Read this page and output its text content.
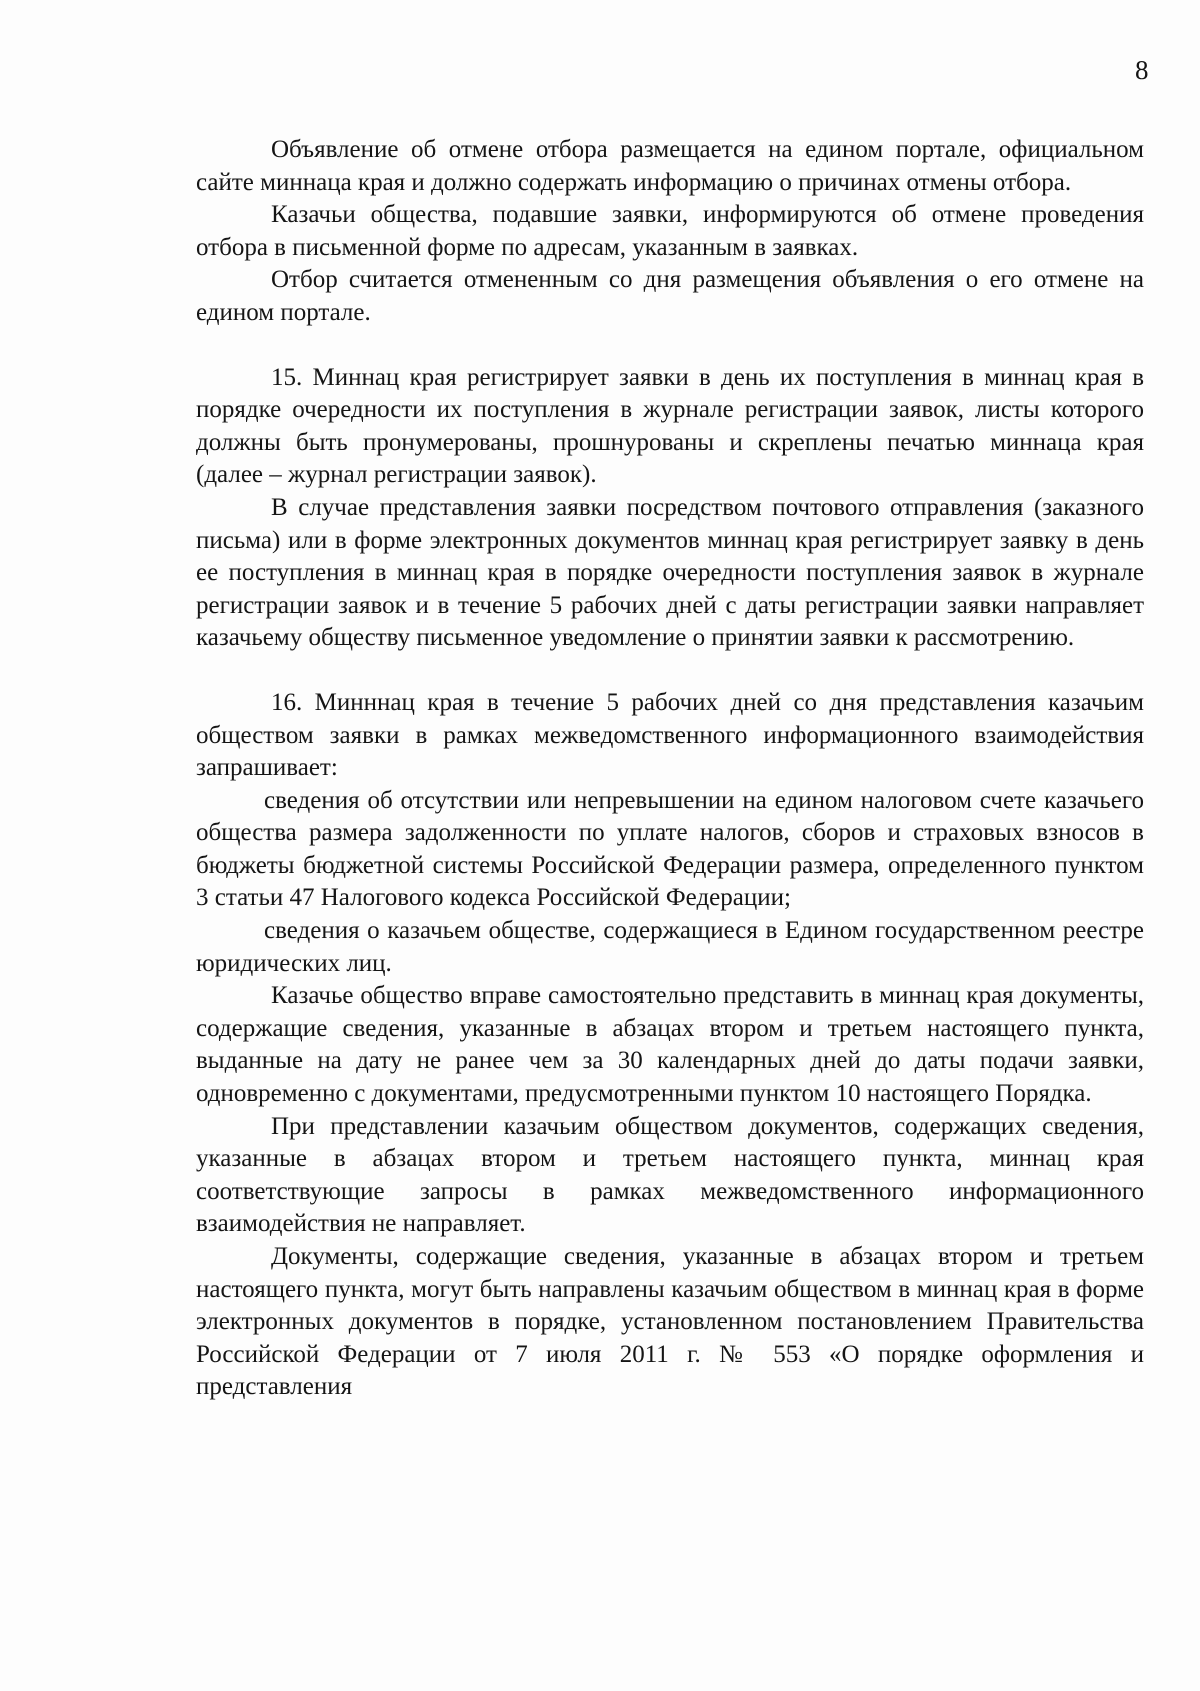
8

Объявление об отмене отбора размещается на едином портале, официальном сайте миннаца края и должно содержать информацию о причинах отмены отбора.

Казачьи общества, подавшие заявки, информируются об отмене проведения отбора в письменной форме по адресам, указанным в заявках.

Отбор считается отмененным со дня размещения объявления о его отмене на едином портале.

15. Миннац края регистрирует заявки в день их поступления в миннац края в порядке очередности их поступления в журнале регистрации заявок, листы которого должны быть пронумерованы, прошнурованы и скреплены печатью миннаца края (далее – журнал регистрации заявок).

В случае представления заявки посредством почтового отправления (заказного письма) или в форме электронных документов миннац края регистрирует заявку в день ее поступления в миннац края в порядке очередности поступления заявок в журнале регистрации заявок и в течение 5 рабочих дней с даты регистрации заявки направляет казачьему обществу письменное уведомление о принятии заявки к рассмотрению.

16. Минннац края в течение 5 рабочих дней со дня представления казачьим обществом заявки в рамках межведомственного информационного взаимодействия запрашивает:

сведения об отсутствии или непревышении на едином налоговом счете казачьего общества размера задолженности по уплате налогов, сборов и страховых взносов в бюджеты бюджетной системы Российской Федерации размера, определенного пунктом 3 статьи 47 Налогового кодекса Российской Федерации;

сведения о казачьем обществе, содержащиеся в Едином государственном реестре юридических лиц.

Казачье общество вправе самостоятельно представить в миннац края документы, содержащие сведения, указанные в абзацах втором и третьем настоящего пункта, выданные на дату не ранее чем за 30 календарных дней до даты подачи заявки, одновременно с документами, предусмотренными пунктом 10 настоящего Порядка.

При представлении казачьим обществом документов, содержащих сведения, указанные в абзацах втором и третьем настоящего пункта, миннац края соответствующие запросы в рамках межведомственного информационного взаимодействия не направляет.

Документы, содержащие сведения, указанные в абзацах втором и третьем настоящего пункта, могут быть направлены казачьим обществом в миннац края в форме электронных документов в порядке, установленном постановлением Правительства Российской Федерации от 7 июля 2011 г. № 553 «О порядке оформления и представления
